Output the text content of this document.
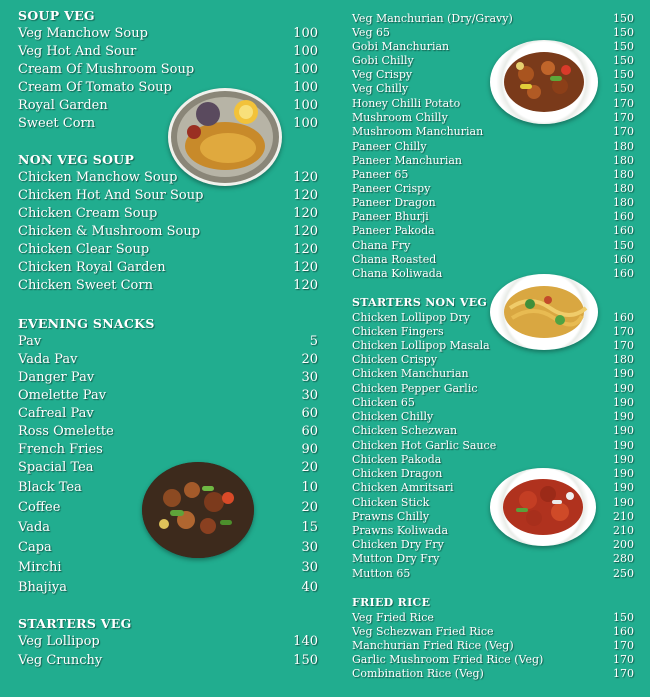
SOUP VEG
Veg Manchow Soup	100
Veg Hot And Sour	100
Cream Of Mushroom Soup	100
Cream Of Tomato Soup	100
Royal Garden	100
Sweet Corn	100
NON VEG SOUP
Chicken Manchow Soup	120
Chicken Hot And Sour Soup	120
Chicken Cream Soup	120
Chicken & Mushroom Soup	120
Chicken Clear Soup	120
Chicken Royal Garden	120
Chicken Sweet Corn	120
EVENING SNACKS
Pav	5
Vada Pav	20
Danger Pav	30
Omelette Pav	30
Cafreal Pav	60
Ross Omelette	60
French Fries	90
Spacial Tea	20
Black Tea	10
Coffee	20
Vada	15
Capa	30
Mirchi	30
Bhajiya	40
STARTERS VEG
Veg Lollipop	140
Veg Crunchy	150
Veg Manchurian (Dry/Gravy)	150
Veg 65	150
Gobi Manchurian	150
Gobi Chilly	150
Veg Crispy	150
Veg Chilly	150
Honey Chilli Potato	170
Mushroom Chilly	170
Mushroom Manchurian	170
Paneer Chilly	180
Paneer Manchurian	180
Paneer 65	180
Paneer Crispy	180
Paneer Dragon	180
Paneer Bhurji	160
Paneer Pakoda	160
Chana Fry	150
Chana Roasted	160
Chana Koliwada	160
STARTERS NON VEG
Chicken Lollipop Dry	160
Chicken Fingers	170
Chicken Lollipop Masala	170
Chicken Crispy	180
Chicken Manchurian	190
Chicken Pepper Garlic	190
Chicken 65	190
Chicken Chilly	190
Chicken Schezwan	190
Chicken Hot Garlic Sauce	190
Chicken Pakoda	190
Chicken Dragon	190
Chicken Amritsari	190
Chicken Stick	190
Prawns Chilly	210
Prawns Koliwada	210
Chicken Dry Fry	200
Mutton Dry Fry	280
Mutton 65	250
FRIED RICE
Veg Fried Rice	150
Veg Schezwan Fried Rice	160
Manchurian Fried Rice (Veg)	170
Garlic Mushroom Fried Rice (Veg)	170
Combination Rice (Veg)	170
